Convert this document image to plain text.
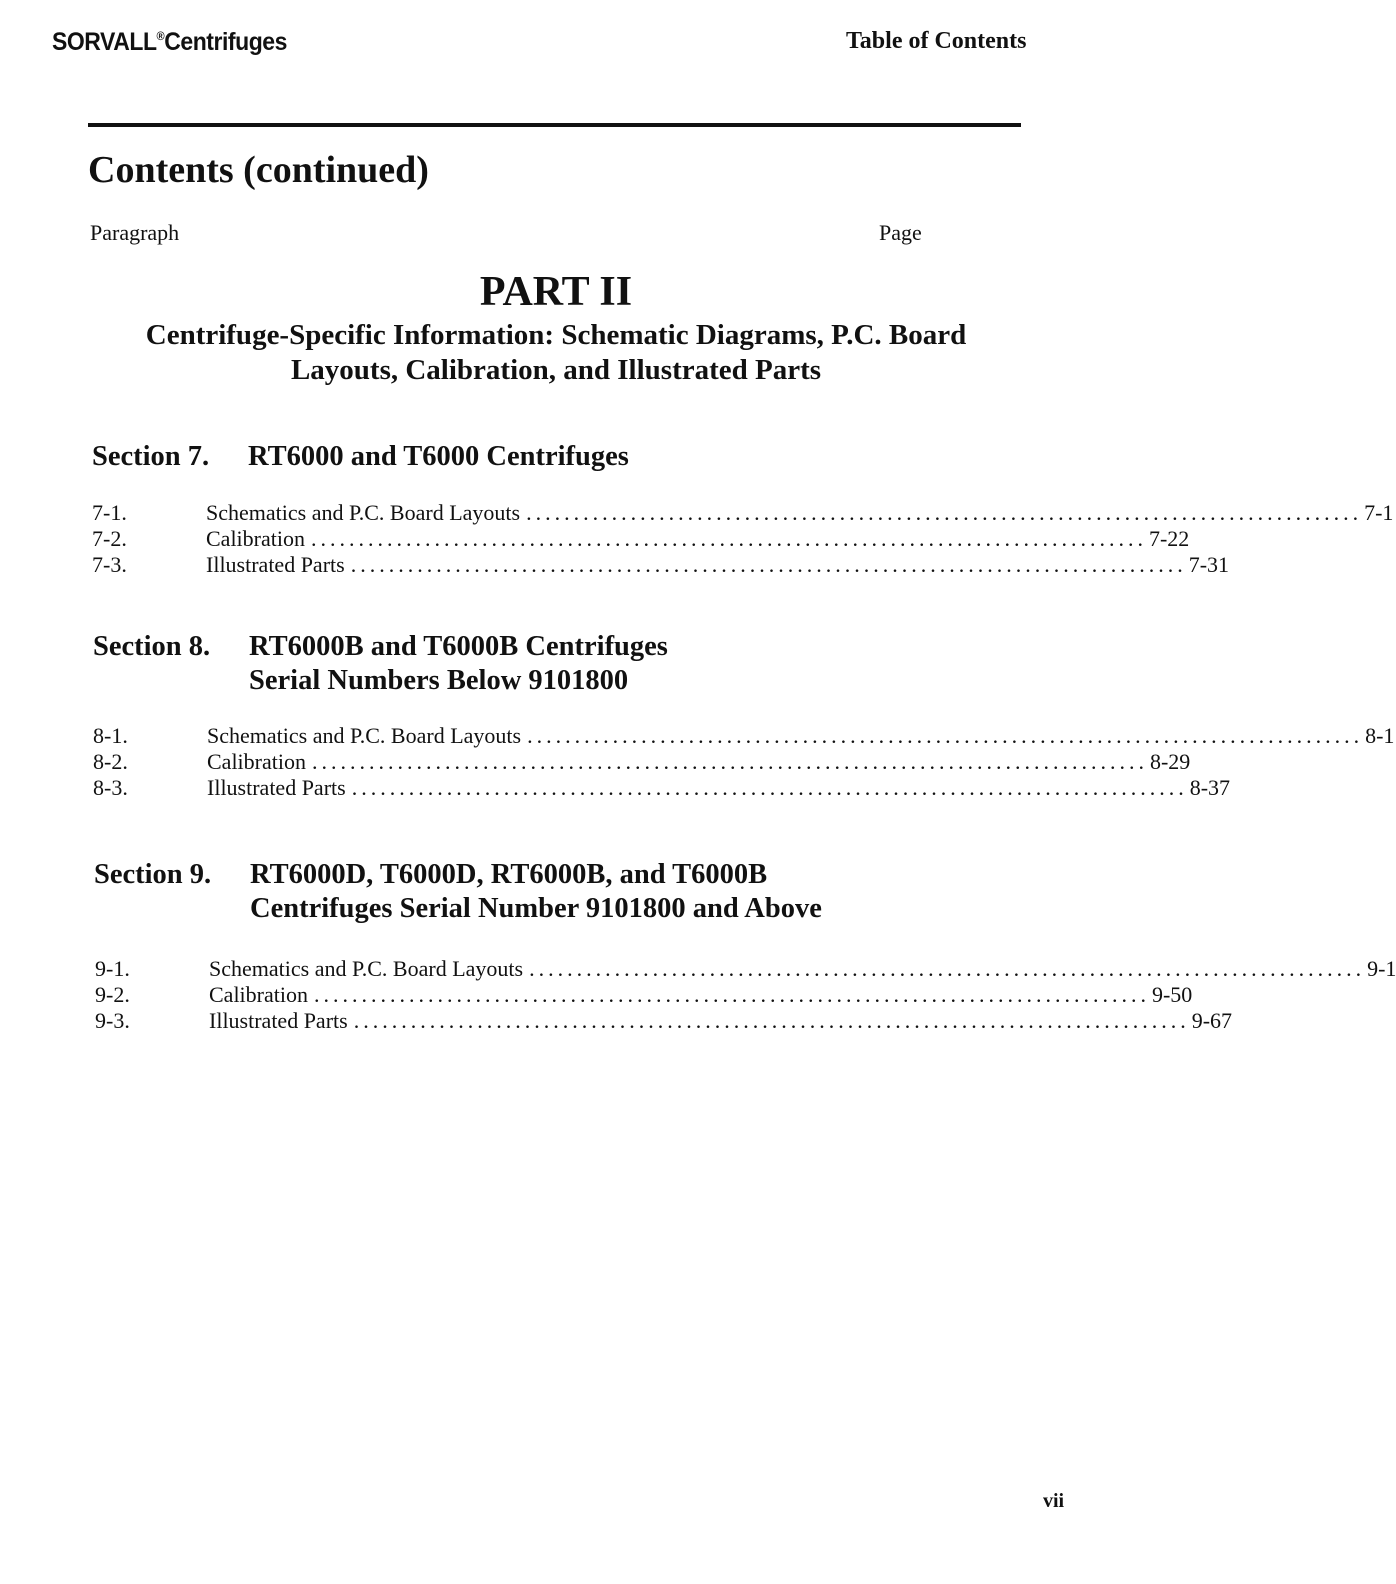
SORVALL®Centrifuges	Table of Contents
Contents (continued)
Paragraph	Page
PART II
Centrifuge-Specific Information: Schematic Diagrams, P.C. Board Layouts, Calibration, and Illustrated Parts
Section 7. RT6000 and T6000 Centrifuges
7-1.	Schematics and P.C. Board Layouts ........................................................................................ 7-1
7-2.	Calibration ........................................................................................ 7-22
7-3.	Illustrated Parts ........................................................................................ 7-31
Section 8. RT6000B and T6000B Centrifuges
Serial Numbers Below 9101800
8-1.	Schematics and P.C. Board Layouts ........................................................................................ 8-1
8-2.	Calibration ........................................................................................ 8-29
8-3.	Illustrated Parts ........................................................................................ 8-37
Section 9. RT6000D, T6000D, RT6000B, and T6000B
Centrifuges Serial Number 9101800 and Above
9-1.	Schematics and P.C. Board Layouts ........................................................................................ 9-1
9-2.	Calibration ........................................................................................ 9-50
9-3.	Illustrated Parts ........................................................................................ 9-67
vii
